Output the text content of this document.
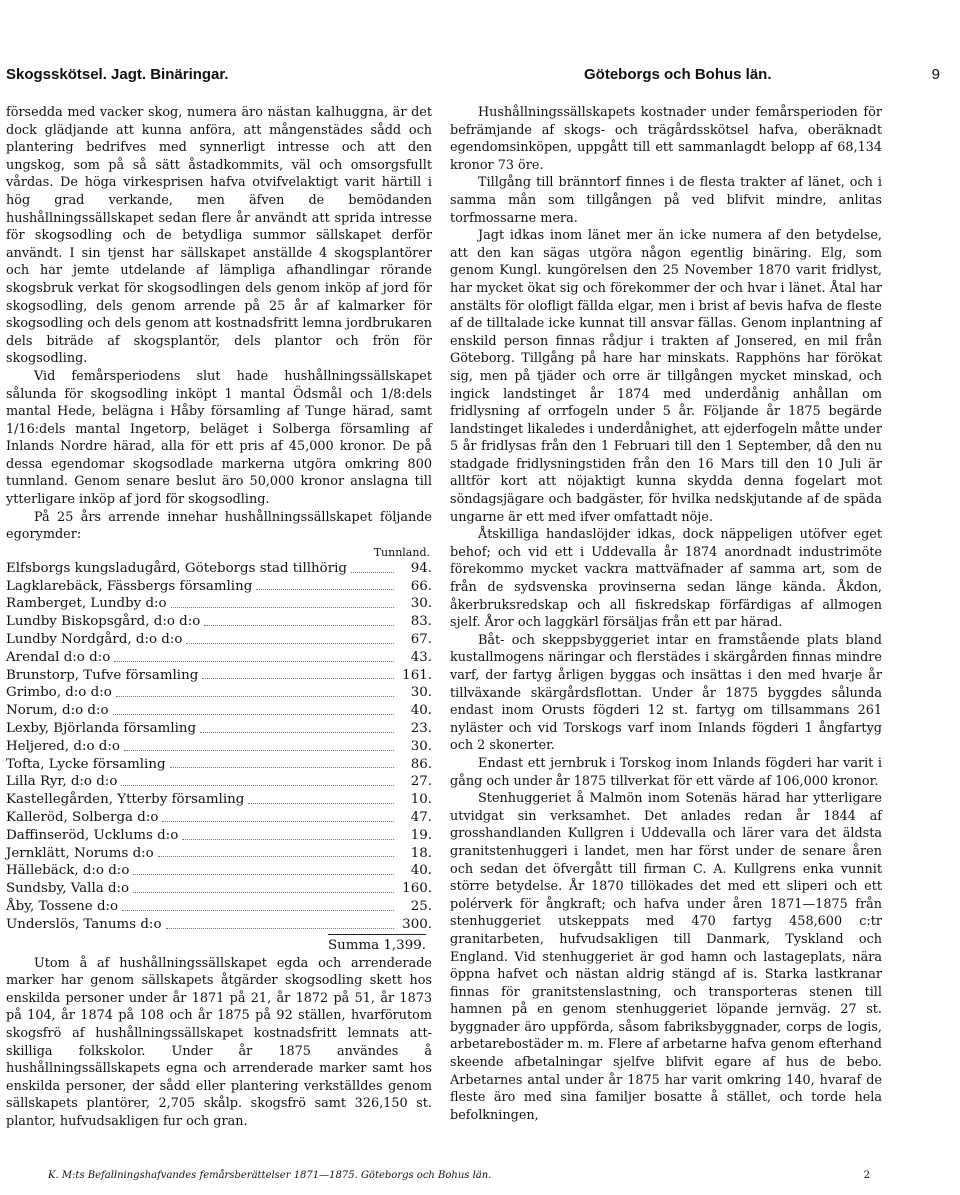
Skogsskötsel. Jagt. Binäringar.	Göteborgs och Bohus län.	9

försedda med vacker skog, numera äro nästan kalhuggna, är det dock glädjande att kunna anföra, att mångenstädes sådd och plantering bedrifves med synnerligt intresse och att den ungskog, som på så sätt åstadkommits, väl och omsorgsfullt vårdas. De höga virkesprisen hafva otvifvelaktigt varit härtill i hög grad verkande, men äfven de bemödanden hushållningssällskapet sedan flere år användt att sprida intresse för skogsodling och de betydliga summor sällskapet derför användt. I sin tjenst har sällskapet anställde 4 skogsplantörer och har jemte utdelande af lämpliga afhandlingar rörande skogsbruk verkat för skogsodlingen dels genom inköp af jord för skogsodling, dels genom arrende på 25 år af kalmarker för skogsodling och dels genom att kostnadsfritt lemna jordbrukaren dels biträde af skogsplantör, dels plantor och frön för skogsodling.

Vid femårsperiodens slut hade hushållningssällskapet sålunda för skogsodling inköpt 1 mantal Ödsmål och 1/8:dels mantal Hede, belägna i Håby församling af Tunge härad, samt 1/16:dels mantal Ingetorp, beläget i Solberga församling af Inlands Nordre härad, alla för ett pris af 45,000 kronor. De på dessa egendomar skogsodlade markerna utgöra omkring 800 tunnland. Genom senare beslut äro 50,000 kronor anslagna till ytterligare inköp af jord för skogsodling.

På 25 års arrende innehar hushållningssällskapet följande egorymder:

Tunnland.
Elfsborgs kungsladugård, Göteborgs stad tillhörig	94.
Lagklarebäck, Fässbergs församling	66.
Ramberget, Lundby d:o	30.
Lundby Biskopsgård, d:o d:o	83.
Lundby Nordgård, d:o d:o	67.
Arendal d:o d:o	43.
Brunstorp, Tufve församling	161.
Grimbo, d:o d:o	30.
Norum, d:o d:o	40.
Lexby, Björlanda församling	23.
Heljered, d:o d:o	30.
Tofta, Lycke församling	86.
Lilla Ryr, d:o d:o	27.
Kastellegården, Ytterby församling	10.
Kalleröd, Solberga d:o	47.
Daffinseröd, Ucklums d:o	19.
Jernklätt, Norums d:o	18.
Hällebäck, d:o d:o	40.
Sundsby, Valla d:o	160.
Åby, Tossene d:o	25.
Underslös, Tanums d:o	300.
Summa 1,399.

Utom å af hushållningssällskapet egda och arrenderade marker har genom sällskapets åtgärder skogsodling skett hos enskilda personer under år 1871 på 21, år 1872 på 51, år 1873 på 104, år 1874 på 108 och år 1875 på 92 ställen, hvarförutom skogsfrö af hushållningssällskapet kostnadsfritt lemnats att-skilliga folkskolor. Under år 1875 användes å hushållningssällskapets egna och arrenderade marker samt hos enskilda personer, der sådd eller plantering verkställdes genom sällskapets plantörer, 2,705 skålp. skogsfrö samt 326,150 st. plantor, hufvudsakligen fur och gran.

Hushållningssällskapets kostnader under femårsperioden för befrämjande af skogs- och trägårdsskötsel hafva, oberäknadt egendomsinköpen, uppgått till ett sammanlagdt belopp af 68,134 kronor 73 öre.

Tillgång till bränntorf finnes i de flesta trakter af länet, och i samma mån som tillgången på ved blifvit mindre, anlitas torfmossarne mera.

Jagt idkas inom länet mer än icke numera af den betydelse, att den kan sägas utgöra någon egentlig binäring. Elg, som genom Kungl. kungörelsen den 25 November 1870 varit fridlyst, har mycket ökat sig och förekommer der och hvar i länet. Åtal har anstälts för olofligt fällda elgar, men i brist af bevis hafva de fleste af de tilltalade icke kunnat till ansvar fällas. Genom inplantning af enskild person finnas rådjur i trakten af Jonsered, en mil från Göteborg. Tillgång på hare har minskats. Rapphöns har förökat sig, men på tjäder och orre är tillgången mycket minskad, och ingick landstinget år 1874 med underdånig anhållan om fridlysning af orrfogeln under 5 år. Följande år 1875 begärde landstinget likaledes i underdånighet, att ejderfogeln måtte under 5 år fridlysas från den 1 Februari till den 1 September, då den nu stadgade fridlysningstiden från den 16 Mars till den 10 Juli är alltför kort att nöjaktigt kunna skydda denna fogelart mot söndagsjägare och badgäster, för hvilka nedskjutande af de späda ungarne är ett med ifver omfattadt nöje.

Åtskilliga handaslöjder idkas, dock näppeligen utöfver eget behof; och vid ett i Uddevalla år 1874 anordnadt industrimöte förekommo mycket vackra mattväfnader af samma art, som de från de sydsvenska provinserna sedan länge kända. Åkdon, åkerbruksredskap och all fiskredskap förfärdigas af allmogen sjelf. Åror och laggkärl försäljas från ett par härad.

Båt- och skeppsbyggeriet intar en framstående plats bland kustallmogens näringar och flerstädes i skärgården finnas mindre varf, der fartyg årligen byggas och insättas i den med hvarje år tillväxande skärgårdsflottan. Under år 1875 byggdes sålunda endast inom Orusts fögderi 12 st. fartyg om tillsammans 261 nyläster och vid Torskogs varf inom Inlands fögderi 1 ångfartyg och 2 skonerter.

Endast ett jernbruk i Torskog inom Inlands fögderi har varit i gång och under år 1875 tillverkat för ett värde af 106,000 kronor.

Stenhuggeriet å Malmön inom Sotenäs härad har ytterligare utvidgat sin verksamhet. Det anlades redan år 1844 af grosshandlanden Kullgren i Uddevalla och lärer vara det äldsta granitstenhuggeri i landet, men har först under de senare åren och sedan det öfvergått till firman C. A. Kullgrens enka vunnit större betydelse. År 1870 tillökades det med ett sliperi och ett polérverk för ångkraft; och hafva under åren 1871—1875 från stenhuggeriet utskeppats med 470 fartyg 458,600 c:tr granitarbeten, hufvudsakligen till Danmark, Tyskland och England. Vid stenhuggeriet är god hamn och lastageplats, nära öppna hafvet och nästan aldrig stängd af is. Starka lastkranar finnas för granitstenslastning, och transporteras stenen till hamnen på en genom stenhuggeriet löpande jernväg. 27 st. byggnader äro uppförda, såsom fabriksbyggnader, corps de logis, arbetarebostäder m. m. Flere af arbetarne hafva genom efterhand skeende afbetalningar sjelfve blifvit egare af hus de bebo. Arbetarnes antal under år 1875 har varit omkring 140, hvaraf de fleste äro med sina familjer bosatte å stället, och torde hela befolkningen,

K. M:ts Befallningshafvandes femårsberättelser 1871—1875. Göteborgs och Bohus län.	2
